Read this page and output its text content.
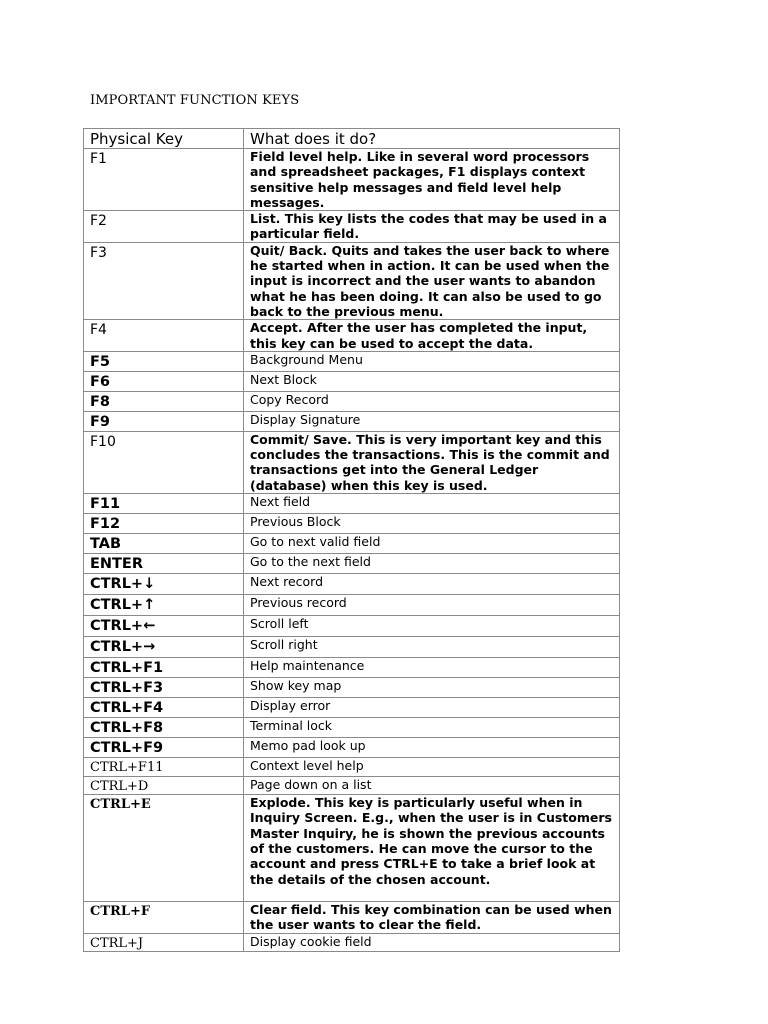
IMPORTANT FUNCTION KEYS
Physical Key	What does it do?
F1	Field level help. Like in several word processors and spreadsheet packages, F1 displays context sensitive help messages and field level help messages.
F2	List. This key lists the codes that may be used in a particular field.
F3	Quit/ Back. Quits and takes the user back to where he started when in action. It can be used when the input is incorrect and the user wants to abandon what he has been doing. It can also be used to go back to the previous menu.
F4	Accept. After the user has completed the input, this key can be used to accept the data.
F5	Background Menu
F6	Next Block
F8	Copy Record
F9	Display Signature
F10	Commit/ Save. This is very important key and this concludes the transactions. This is the commit and transactions get into the General Ledger (database) when this key is used.
F11	Next field
F12	Previous Block
TAB	Go to next valid field
ENTER	Go to the next field
CTRL+↓	Next record
CTRL+↑	Previous record
CTRL+←	Scroll left
CTRL+→	Scroll right
CTRL+F1	Help maintenance
CTRL+F3	Show key map
CTRL+F4	Display error
CTRL+F8	Terminal lock
CTRL+F9	Memo pad look up
CTRL+F11	Context level help
CTRL+D	Page down on a list
CTRL+E	Explode. This key is particularly useful when in Inquiry Screen. E.g., when the user is in Customers Master Inquiry, he is shown the previous accounts of the customers. He can move the cursor to the account and press CTRL+E to take a brief look at the details of the chosen account.
CTRL+F	Clear field. This key combination can be used when the user wants to clear the field.
CTRL+J	Display cookie field
